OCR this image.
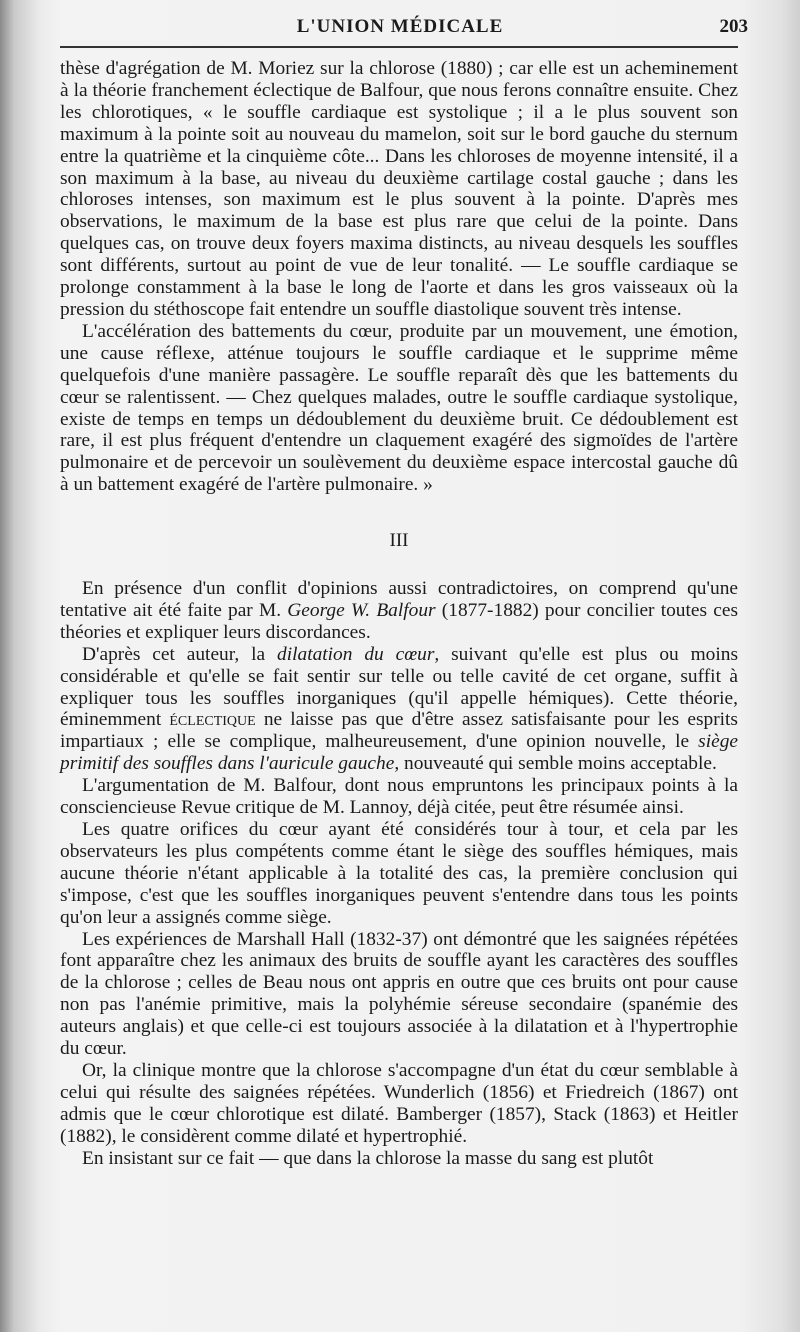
L'UNION MÉDICALE	203

thèse d'agrégation de M. Moriez sur la chlorose (1880) ; car elle est un acheminement à la théorie franchement éclectique de Balfour, que nous ferons connaître ensuite. Chez les chlorotiques, « le souffle cardiaque est systolique ; il a le plus souvent son maximum à la pointe soit au nouveau du mamelon, soit sur le bord gauche du sternum entre la quatrième et la cinquième côte... Dans les chloroses de moyenne intensité, il a son maximum à la base, au niveau du deuxième cartilage costal gauche ; dans les chloroses intenses, son maximum est le plus souvent à la pointe. D'après mes observations, le maximum de la base est plus rare que celui de la pointe. Dans quelques cas, on trouve deux foyers maxima distincts, au niveau desquels les souffles sont différents, surtout au point de vue de leur tonalité. — Le souffle cardiaque se prolonge constamment à la base le long de l'aorte et dans les gros vaisseaux où la pression du stéthoscope fait entendre un souffle diastolique souvent très intense.

L'accélération des battements du cœur, produite par un mouvement, une émotion, une cause réflexe, atténue toujours le souffle cardiaque et le supprime même quelquefois d'une manière passagère. Le souffle reparaît dès que les battements du cœur se ralentissent. — Chez quelques malades, outre le souffle cardiaque systolique, existe de temps en temps un dédoublement du deuxième bruit. Ce dédoublement est rare, il est plus fréquent d'entendre un claquement exagéré des sigmoïdes de l'artère pulmonaire et de percevoir un soulèvement du deuxième espace intercostal gauche dû à un battement exagéré de l'artère pulmonaire. »

III

En présence d'un conflit d'opinions aussi contradictoires, on comprend qu'une tentative ait été faite par M. George W. Balfour (1877-1882) pour concilier toutes ces théories et expliquer leurs discordances.

D'après cet auteur, la dilatation du cœur, suivant qu'elle est plus ou moins considérable et qu'elle se fait sentir sur telle ou telle cavité de cet organe, suffit à expliquer tous les souffles inorganiques (qu'il appelle hémiques). Cette théorie, éminemment éclectique ne laisse pas que d'être assez satisfaisante pour les esprits impartiaux ; elle se complique, malheureusement, d'une opinion nouvelle, le siège primitif des souffles dans l'auricule gauche, nouveauté qui semble moins acceptable.

L'argumentation de M. Balfour, dont nous empruntons les principaux points à la consciencieuse Revue critique de M. Lannoy, déjà citée, peut être résumée ainsi.

Les quatre orifices du cœur ayant été considérés tour à tour, et cela par les observateurs les plus compétents comme étant le siège des souffles hémiques, mais aucune théorie n'étant applicable à la totalité des cas, la première conclusion qui s'impose, c'est que les souffles inorganiques peuvent s'entendre dans tous les points qu'on leur a assignés comme siège.

Les expériences de Marshall Hall (1832-37) ont démontré que les saignées répétées font apparaître chez les animaux des bruits de souffle ayant les caractères des souffles de la chlorose ; celles de Beau nous ont appris en outre que ces bruits ont pour cause non pas l'anémie primitive, mais la polyhémie séreuse secondaire (spanémie des auteurs anglais) et que celle-ci est toujours associée à la dilatation et à l'hypertrophie du cœur.

Or, la clinique montre que la chlorose s'accompagne d'un état du cœur semblable à celui qui résulte des saignées répétées. Wunderlich (1856) et Friedreich (1867) ont admis que le cœur chlorotique est dilaté. Bamberger (1857), Stack (1863) et Heitler (1882), le considèrent comme dilaté et hypertrophié.

En insistant sur ce fait — que dans la chlorose la masse du sang est plutôt
